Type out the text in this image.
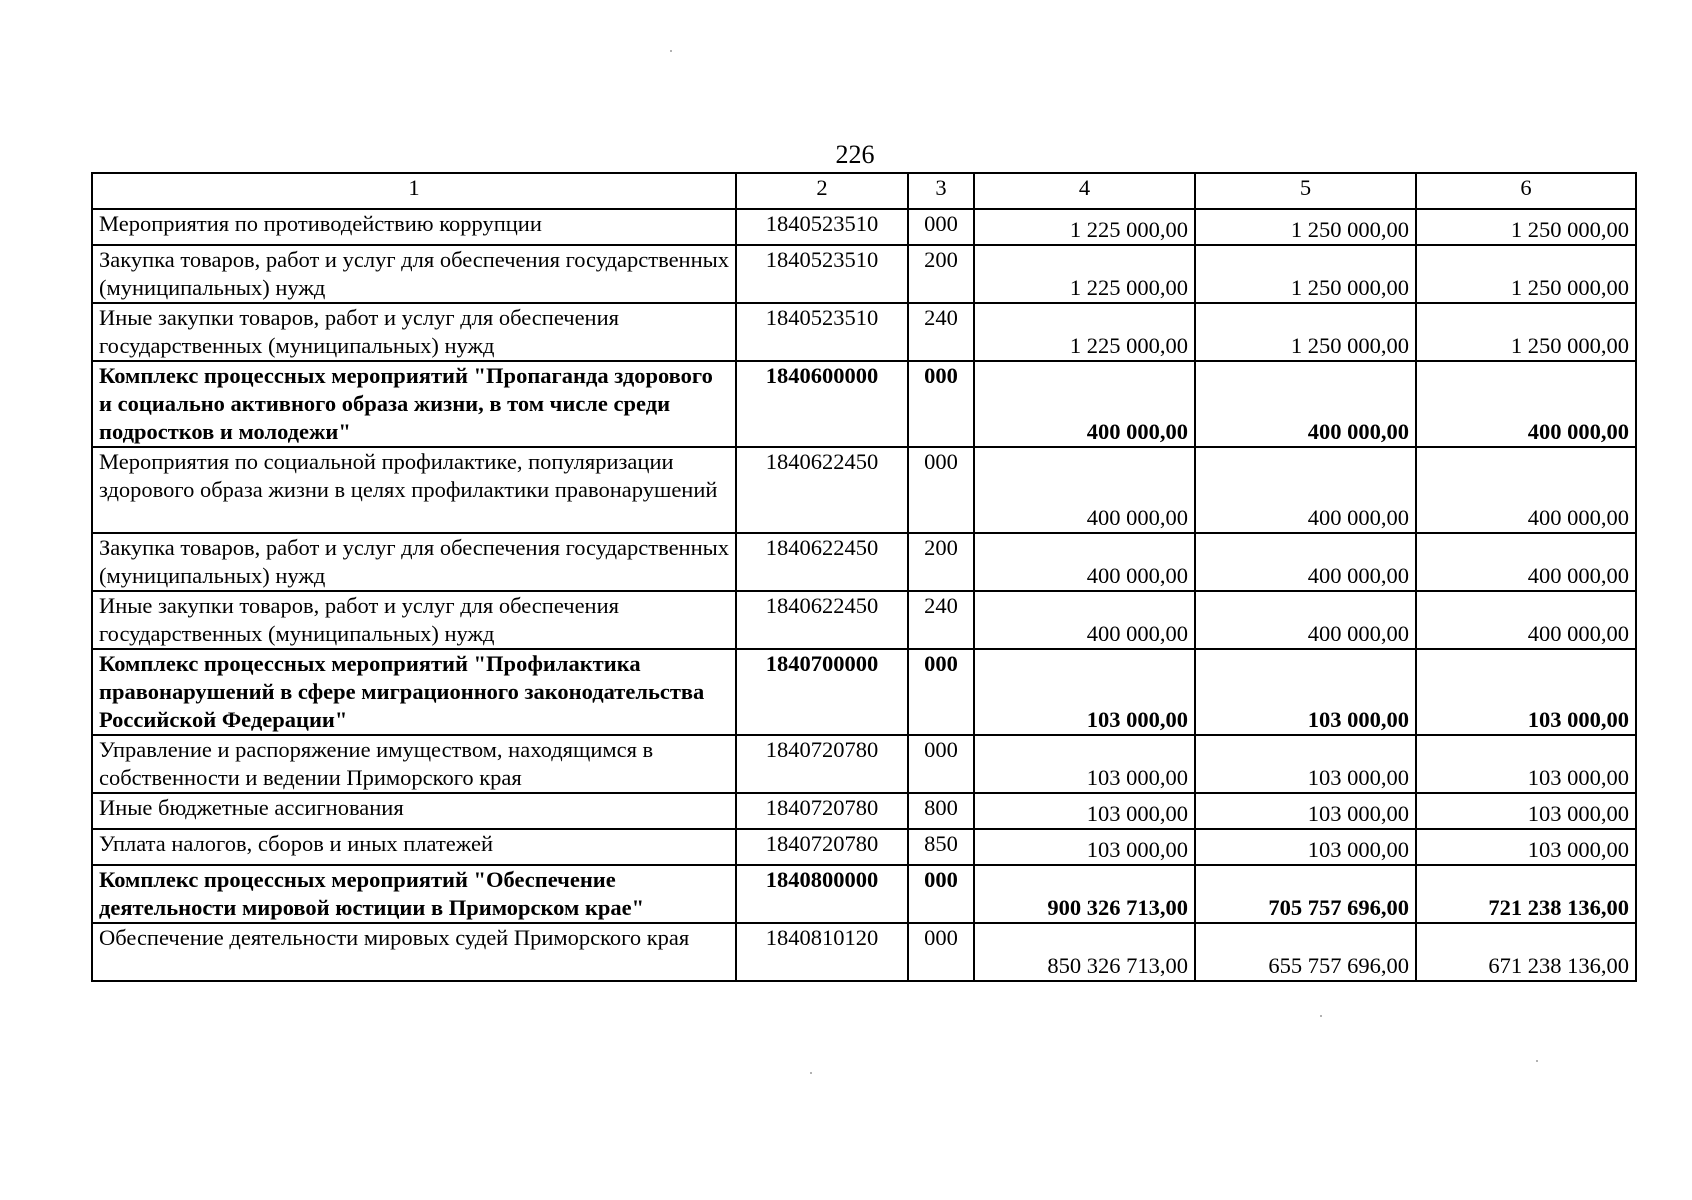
226
1	2	3	4	5	6
Мероприятия по противодействию коррупции	1840523510	000	1 225 000,00	1 250 000,00	1 250 000,00
Закупка товаров, работ и услуг для обеспечения государственных (муниципальных) нужд	1840523510	200	1 225 000,00	1 250 000,00	1 250 000,00
Иные закупки товаров, работ и услуг для обеспечения государственных (муниципальных) нужд	1840523510	240	1 225 000,00	1 250 000,00	1 250 000,00
Комплекс процессных мероприятий "Пропаганда здорового и социально активного образа жизни, в том числе среди подростков и молодежи"	1840600000	000	400 000,00	400 000,00	400 000,00
Мероприятия по социальной профилактике, популяризации здорового образа жизни в целях профилактики правонарушений	1840622450	000	400 000,00	400 000,00	400 000,00
Закупка товаров, работ и услуг для обеспечения государственных (муниципальных) нужд	1840622450	200	400 000,00	400 000,00	400 000,00
Иные закупки товаров, работ и услуг для обеспечения государственных (муниципальных) нужд	1840622450	240	400 000,00	400 000,00	400 000,00
Комплекс процессных мероприятий "Профилактика правонарушений в сфере миграционного законодательства Российской Федерации"	1840700000	000	103 000,00	103 000,00	103 000,00
Управление и распоряжение имуществом, находящимся в собственности и ведении Приморского края	1840720780	000	103 000,00	103 000,00	103 000,00
Иные бюджетные ассигнования	1840720780	800	103 000,00	103 000,00	103 000,00
Уплата налогов, сборов и иных платежей	1840720780	850	103 000,00	103 000,00	103 000,00
Комплекс процессных мероприятий "Обеспечение деятельности мировой юстиции в Приморском крае"	1840800000	000	900 326 713,00	705 757 696,00	721 238 136,00
Обеспечение деятельности мировых судей Приморского края	1840810120	000	850 326 713,00	655 757 696,00	671 238 136,00
